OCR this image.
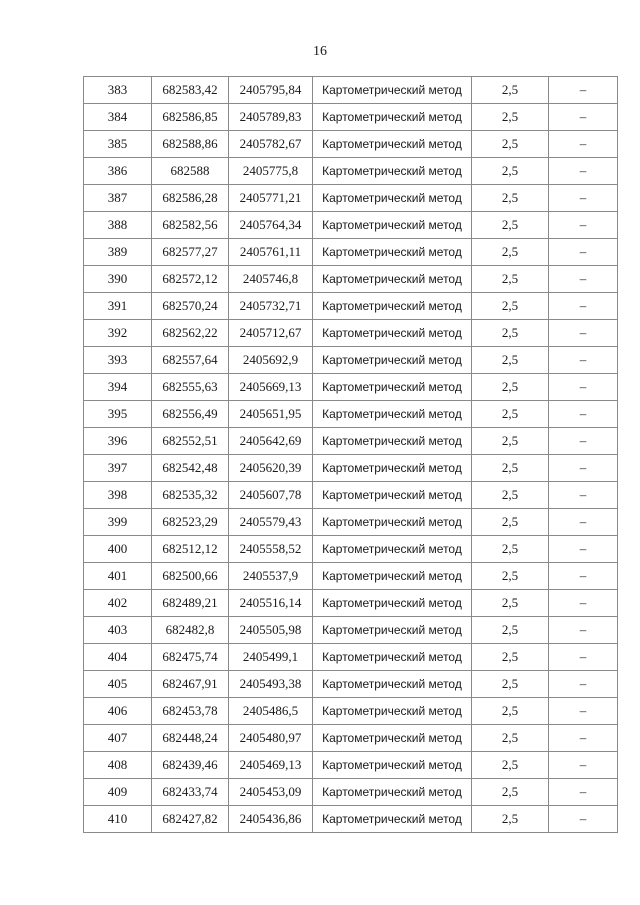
16
383	682583,42	2405795,84	Картометрический метод	2,5	–
384	682586,85	2405789,83	Картометрический метод	2,5	–
385	682588,86	2405782,67	Картометрический метод	2,5	–
386	682588	2405775,8	Картометрический метод	2,5	–
387	682586,28	2405771,21	Картометрический метод	2,5	–
388	682582,56	2405764,34	Картометрический метод	2,5	–
389	682577,27	2405761,11	Картометрический метод	2,5	–
390	682572,12	2405746,8	Картометрический метод	2,5	–
391	682570,24	2405732,71	Картометрический метод	2,5	–
392	682562,22	2405712,67	Картометрический метод	2,5	–
393	682557,64	2405692,9	Картометрический метод	2,5	–
394	682555,63	2405669,13	Картометрический метод	2,5	–
395	682556,49	2405651,95	Картометрический метод	2,5	–
396	682552,51	2405642,69	Картометрический метод	2,5	–
397	682542,48	2405620,39	Картометрический метод	2,5	–
398	682535,32	2405607,78	Картометрический метод	2,5	–
399	682523,29	2405579,43	Картометрический метод	2,5	–
400	682512,12	2405558,52	Картометрический метод	2,5	–
401	682500,66	2405537,9	Картометрический метод	2,5	–
402	682489,21	2405516,14	Картометрический метод	2,5	–
403	682482,8	2405505,98	Картометрический метод	2,5	–
404	682475,74	2405499,1	Картометрический метод	2,5	–
405	682467,91	2405493,38	Картометрический метод	2,5	–
406	682453,78	2405486,5	Картометрический метод	2,5	–
407	682448,24	2405480,97	Картометрический метод	2,5	–
408	682439,46	2405469,13	Картометрический метод	2,5	–
409	682433,74	2405453,09	Картометрический метод	2,5	–
410	682427,82	2405436,86	Картометрический метод	2,5	–
